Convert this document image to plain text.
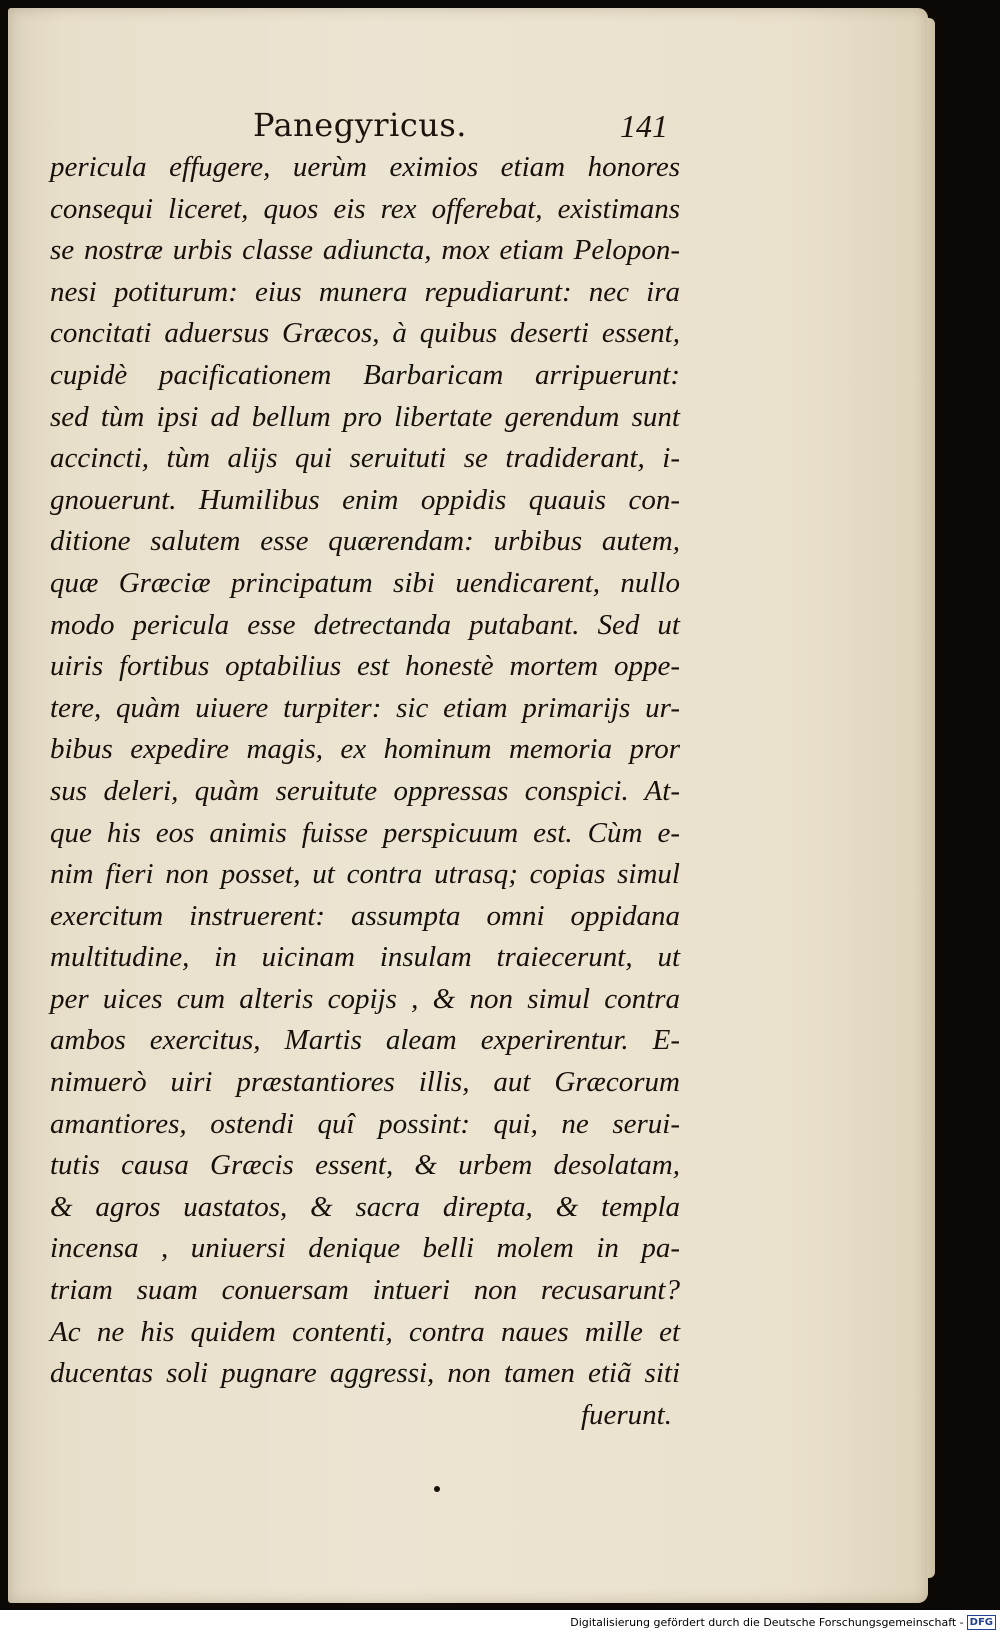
Panegyricus.	141
pericula effugere, uerùm eximios etiam honores
consequi liceret, quos eis rex offerebat, existimans
se nostræ urbis classe adiuncta, mox etiam Pelopon-
nesi potiturum: eius munera repudiarunt: nec ira
concitati aduersus Græcos, à quibus deserti essent,
cupidè pacificationem Barbaricam arripuerunt:
sed tùm ipsi ad bellum pro libertate gerendum sunt
accincti, tùm alijs qui seruituti se tradiderant, i-
gnouerunt. Humilibus enim oppidis quauis con-
ditione salutem esse quærendam: urbibus autem,
quæ Græciæ principatum sibi uendicarent, nullo
modo pericula esse detrectanda putabant. Sed ut
uiris fortibus optabilius est honestè mortem oppe-
tere, quàm uiuere turpiter: sic etiam primarijs ur-
bibus expedire magis, ex hominum memoria pror
sus deleri, quàm seruitute oppressas conspici. At-
que his eos animis fuisse perspicuum est. Cùm e-
nim fieri non posset, ut contra utrasq; copias simul
exercitum instruerent: assumpta omni oppidana
multitudine, in uicinam insulam traiecerunt, ut
per uices cum alteris copijs , & non simul contra
ambos exercitus, Martis aleam experirentur. E-
nimuerò uiri præstantiores illis, aut Græcorum
amantiores, ostendi quî possint: qui, ne serui-
tutis causa Græcis essent, & urbem desolatam,
& agros uastatos, & sacra direpta, & templa
incensa , uniuersi denique belli molem in pa-
triam suam conuersam intueri non recusarunt?
Ac ne his quidem contenti, contra naues mille et
ducentas soli pugnare aggressi, non tamen etiã siti
fuerunt.
Digitalisierung gefördert durch die Deutsche Forschungsgemeinschaft - DFG
